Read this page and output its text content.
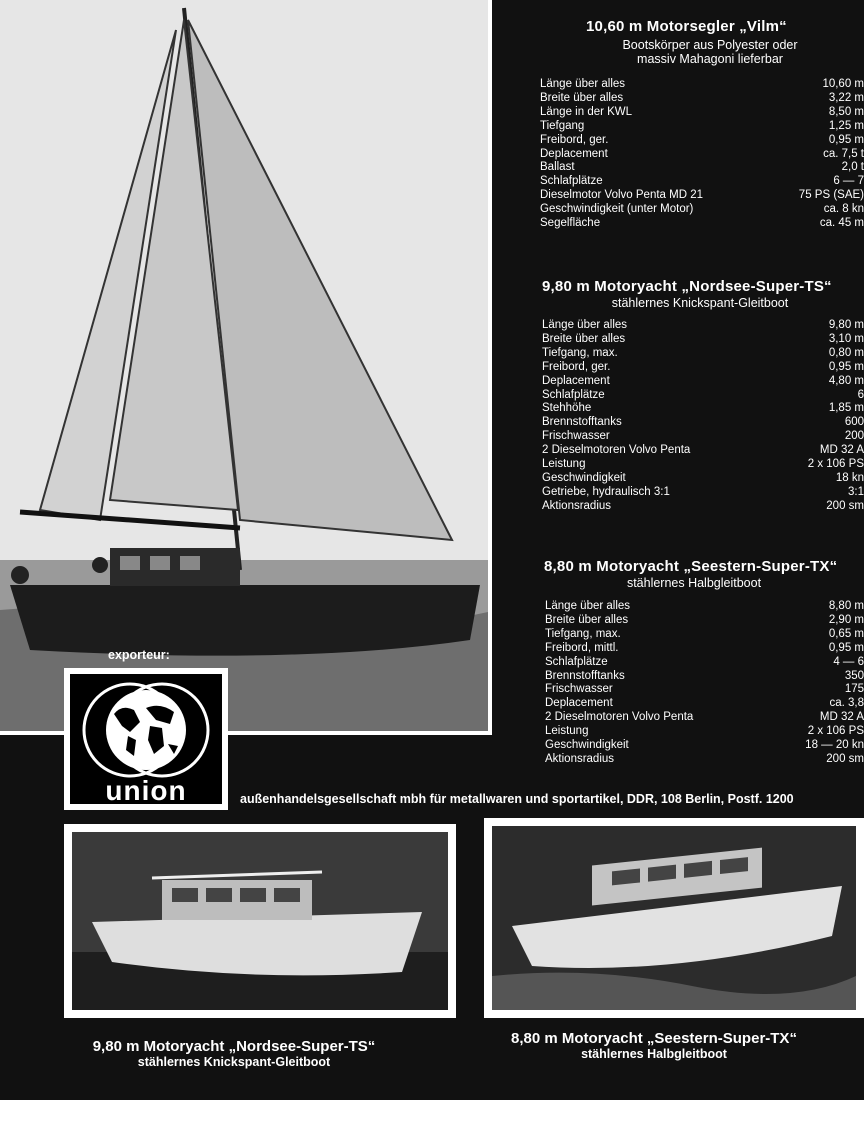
10,60 m Motorsegler „Vilm“
Bootskörper aus Polyester oder
massiv Mahagoni lieferbar
Länge über alles
Breite über alles
Länge in der KWL
Tiefgang
Freibord, ger.
Deplacement
Ballast
Schlafplätze
Dieselmotor Volvo Penta MD 21
Geschwindigkeit (unter Motor)
Segelfläche
10,60 m
3,22 m
8,50 m
1,25 m
0,95 m
ca. 7,5 t
2,0 t
6 — 7
75 PS (SAE)
ca. 8 kn
ca. 45 m
9,80 m Motoryacht „Nordsee-Super-TS“
stählernes Knickspant-Gleitboot
Länge über alles
Breite über alles
Tiefgang, max.
Freibord, ger.
Deplacement
Schlafplätze
Stehhöhe
Brennstofftanks
Frischwasser
2 Dieselmotoren Volvo Penta
Leistung
Geschwindigkeit
Getriebe, hydraulisch 3:1
Aktionsradius
9,80 m
3,10 m
0,80 m
0,95 m
4,80 m
6
1,85 m
600
200
MD 32 A
2 x 106 PS
18 kn
3:1
200 sm
8,80 m Motoryacht „Seestern-Super-TX“
stählernes Halbgleitboot
Länge über alles
Breite über alles
Tiefgang, max.
Freibord, mittl.
Schlafplätze
Brennstofftanks
Frischwasser
Deplacement
2 Dieselmotoren Volvo Penta
Leistung
Geschwindigkeit
Aktionsradius
8,80 m
2,90 m
0,65 m
0,95 m
4 — 6
350
175
ca. 3,8
MD 32 A
2 x 106 PS
18 — 20 kn
200 sm
exporteur:
union	außenhandelsgesellschaft mbh für metallwaren und sportartikel, DDR, 108 Berlin, Postf. 1200
9,80 m Motoryacht „Nordsee-Super-TS“
stählernes Knickspant-Gleitboot
8,80 m Motoryacht „Seestern-Super-TX“
stählernes Halbgleitboot
